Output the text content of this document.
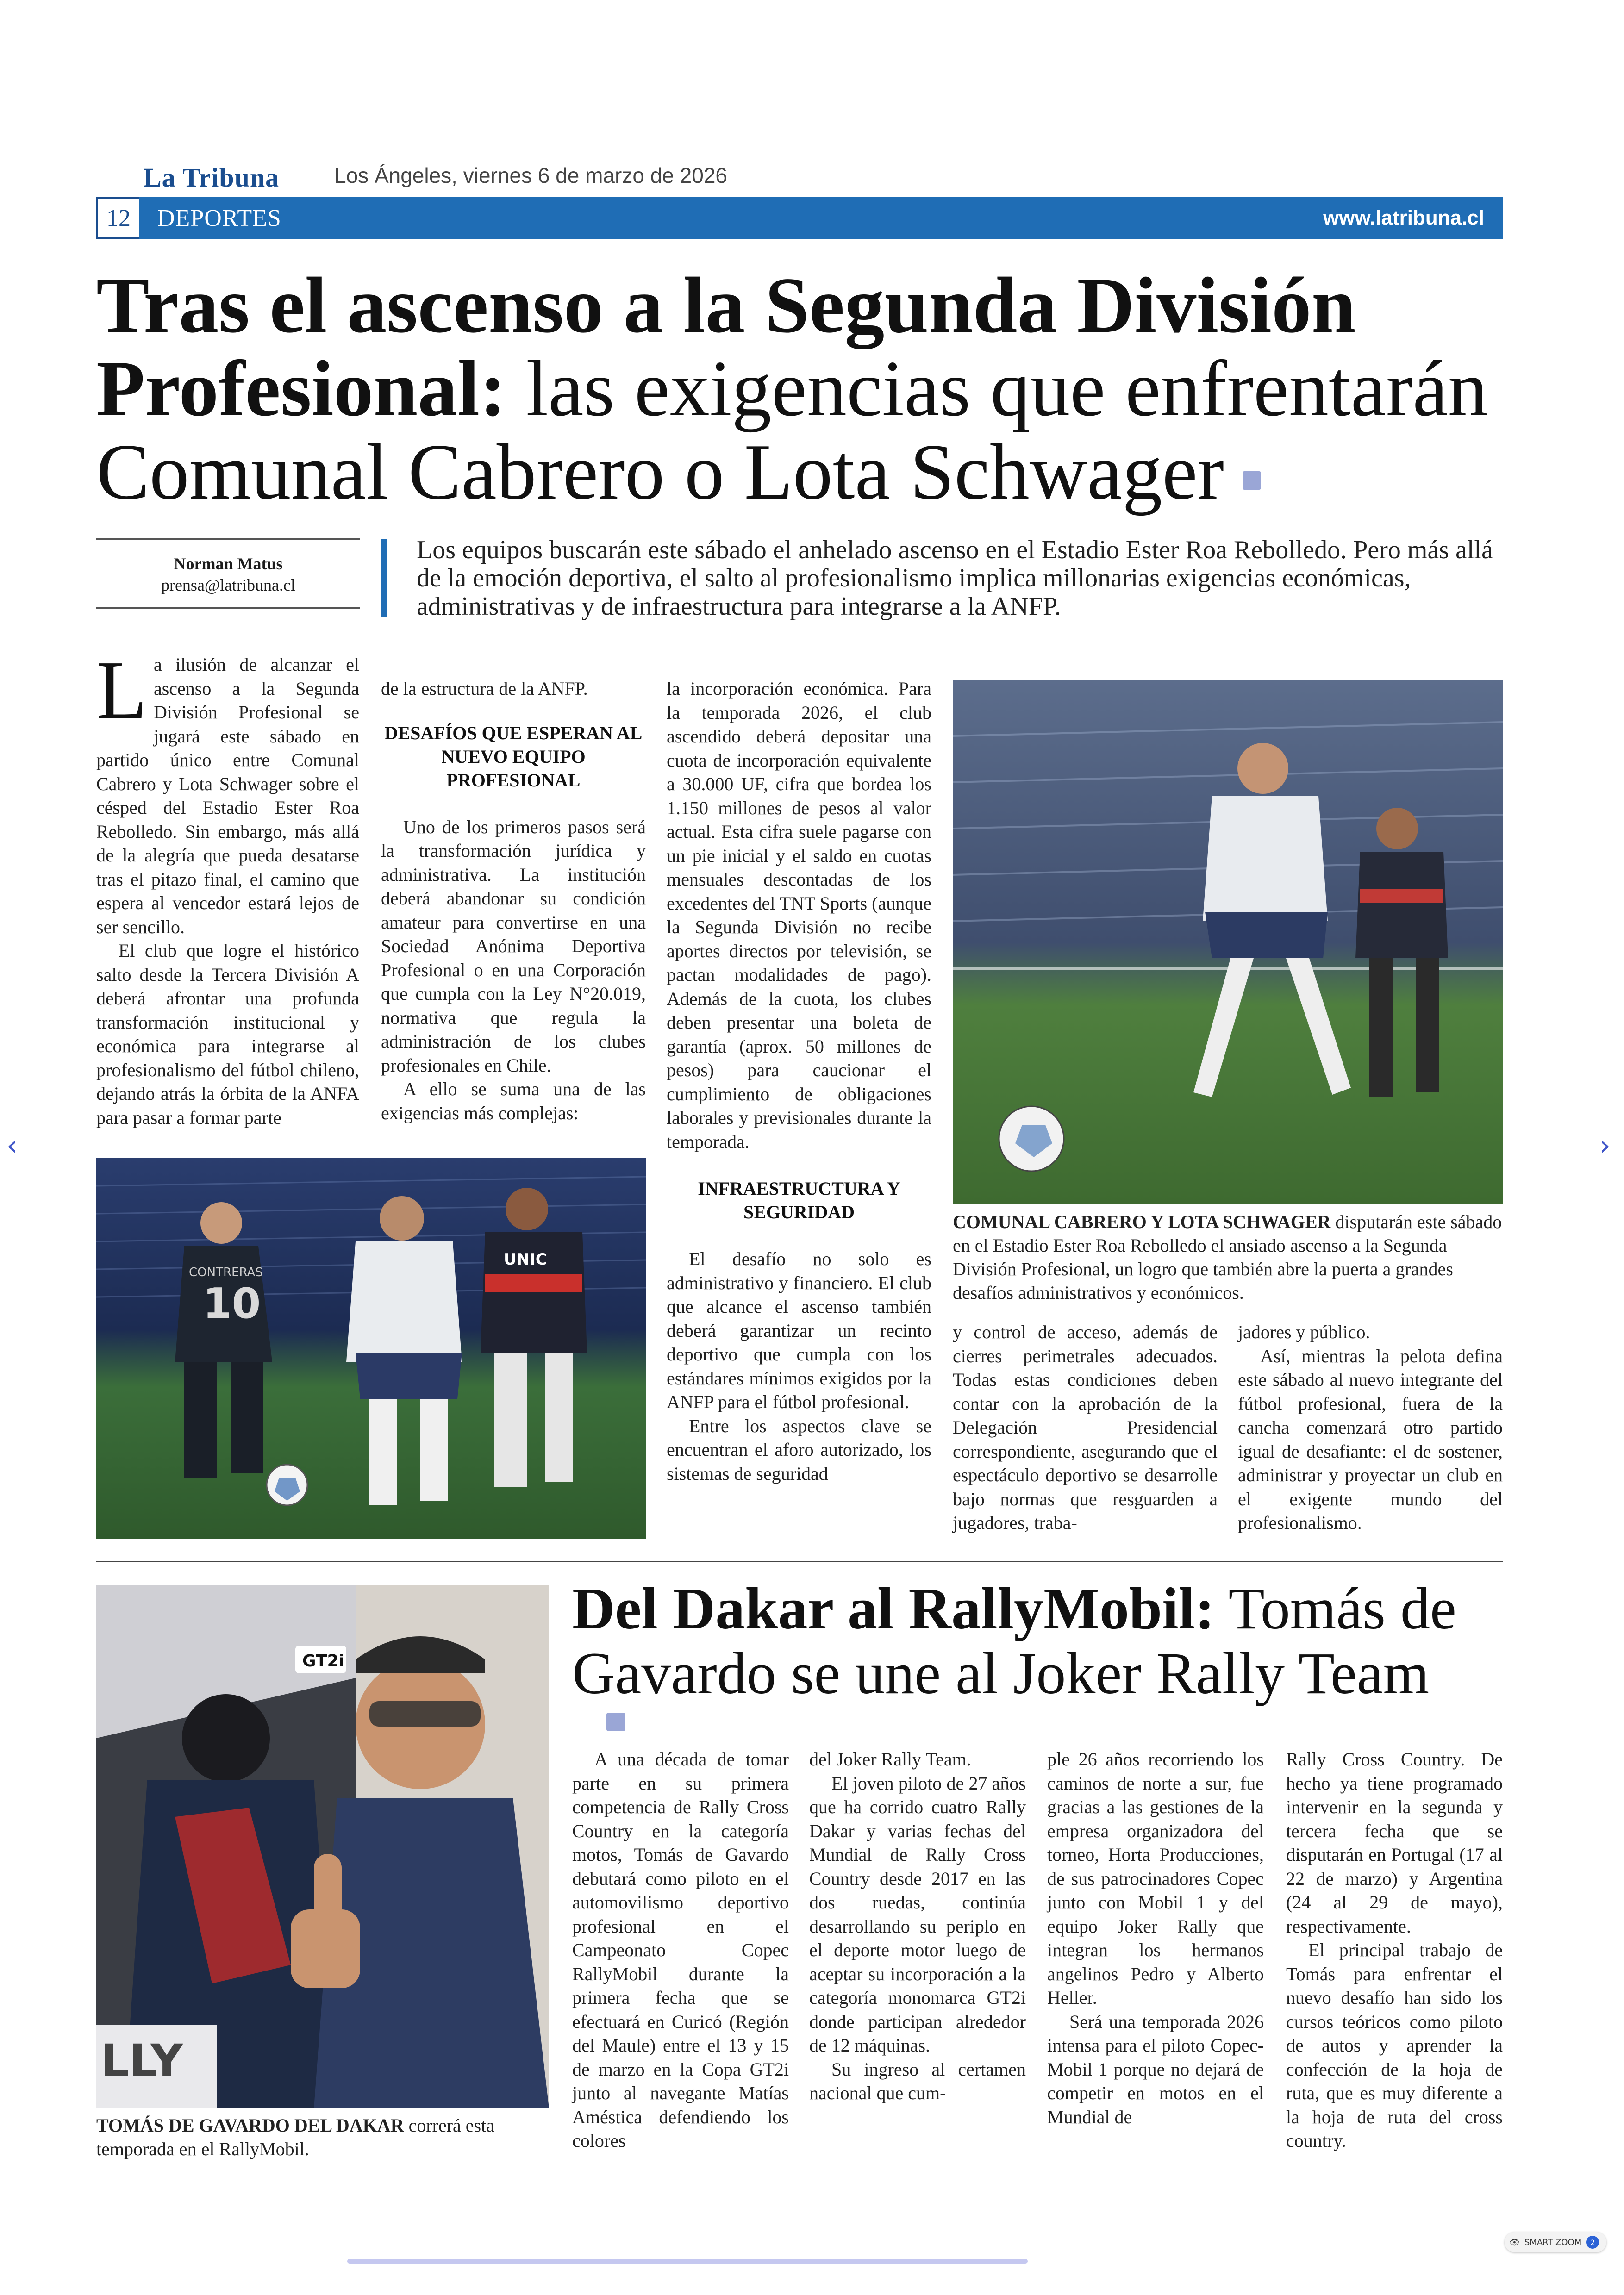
La Tribuna	Los Ángeles, viernes 6 de marzo de 2026
12	DEPORTES	www.latribuna.cl
Tras el ascenso a la Segunda División Profesional: las exigencias que enfrentarán Comunal Cabrero o Lota Schwager
Norman Matus
prensa@latribuna.cl
Los equipos buscarán este sábado el anhelado ascenso en el Estadio Ester Roa Rebolledo. Pero más allá de la emoción deportiva, el salto al profesionalismo implica millonarias exigencias económicas, administrativas y de infraestructura para integrarse a la ANFP.
L a ilusión de alcanzar el ascenso a la Segunda División Profesional se jugará este sábado en partido único entre Comunal Cabrero y Lota Schwager sobre el césped del Estadio Ester Roa Rebolledo. Sin embargo, más allá de la alegría que pueda desatarse tras el pitazo final, el camino que espera al vencedor estará lejos de ser sencillo.

El club que logre el histórico salto desde la Tercera División A deberá afrontar una profunda transformación institucional y económica para integrarse al profesionalismo del fútbol chileno, dejando atrás la órbita de la ANFA para pasar a formar parte

de la estructura de la ANFP.

DESAFÍOS QUE ESPERAN AL NUEVO EQUIPO PROFESIONAL

Uno de los primeros pasos será la transformación jurídica y administrativa. La institución deberá abandonar su condición amateur para convertirse en una Sociedad Anónima Deportiva Profesional o en una Corporación que cumpla con la Ley N°20.019, normativa que regula la administración de los clubes profesionales en Chile.

A ello se suma una de las exigencias más complejas:

la incorporación económica. Para la temporada 2026, el club ascendido deberá depositar una cuota de incorporación equivalente a 30.000 UF, cifra que bordea los 1.150 millones de pesos al valor actual. Esta cifra suele pagarse con un pie inicial y el saldo en cuotas mensuales descontadas de los excedentes del TNT Sports (aunque la Segunda División no recibe aportes directos por televisión, se pactan modalidades de pago). Además de la cuota, los clubes deben presentar una boleta de garantía (aprox. 50 millones de pesos) para caucionar el cumplimiento de obligaciones laborales y previsionales durante la temporada.

INFRAESTRUCTURA Y SEGURIDAD

El desafío no solo es administrativo y financiero. El club que alcance el ascenso también deberá garantizar un recinto deportivo que cumpla con los estándares mínimos exigidos por la ANFP para el fútbol profesional.

Entre los aspectos clave se encuentran el aforo autorizado, los sistemas de seguridad

y control de acceso, además de cierres perimetrales adecuados. Todas estas condiciones deben contar con la aprobación de la Delegación Presidencial correspondiente, asegurando que el espectáculo deportivo se desarrolle bajo normas que resguarden a jugadores, traba-

jadores y público.

Así, mientras la pelota defina este sábado al nuevo integrante del fútbol profesional, fuera de la cancha comenzará otro partido igual de desafiante: el de sostener, administrar y proyectar un club en el exigente mundo del profesionalismo.

10
CONTRERAS
UNIC
COMUNAL CABRERO Y LOTA SCHWAGER disputarán este sábado en el Estadio Ester Roa Rebolledo el ansiado ascenso a la Segunda División Profesional, un logro que también abre la puerta a grandes desafíos administrativos y económicos.
GT2i
LLY
TOMÁS DE GAVARDO DEL DAKAR correrá esta temporada en el RallyMobil.
Del Dakar al RallyMobil: Tomás de Gavardo se une al Joker Rally Team

A una década de tomar parte en su primera competencia de Rally Cross Country en la categoría motos, Tomás de Gavardo debutará como piloto en el automovilismo deportivo profesional en el Campeonato Copec RallyMobil durante la primera fecha que se efectuará en Curicó (Región del Maule) entre el 13 y 15 de marzo en la Copa GT2i junto al navegante Matías Améstica defendiendo los colores

del Joker Rally Team.

El joven piloto de 27 años que ha corrido cuatro Rally Dakar y varias fechas del Mundial de Rally Cross Country desde 2017 en las dos ruedas, continúa desarrollando su periplo en el deporte motor luego de aceptar su incorporación a la categoría monomarca GT2i donde participan alrededor de 12 máquinas.

Su ingreso al certamen nacional que cum-

ple 26 años recorriendo los caminos de norte a sur, fue gracias a las gestiones de la empresa organizadora del torneo, Horta Producciones, de sus patrocinadores Copec junto con Mobil 1 y del equipo Joker Rally que integran los hermanos angelinos Pedro y Alberto Heller.

Será una temporada 2026 intensa para el piloto Copec-Mobil 1 porque no dejará de competir en motos en el Mundial de

Rally Cross Country. De hecho ya tiene programado intervenir en la segunda y tercera fecha que se disputarán en Portugal (17 al 22 de marzo) y Argentina (24 al 29 de mayo), respectivamente.

El principal trabajo de Tomás para enfrentar el nuevo desafío han sido los cursos teóricos como piloto de autos y aprender la confección de la hoja de ruta, que es muy diferente a la hoja de ruta del cross country.

‹	›
👁 SMART ZOOM	2
